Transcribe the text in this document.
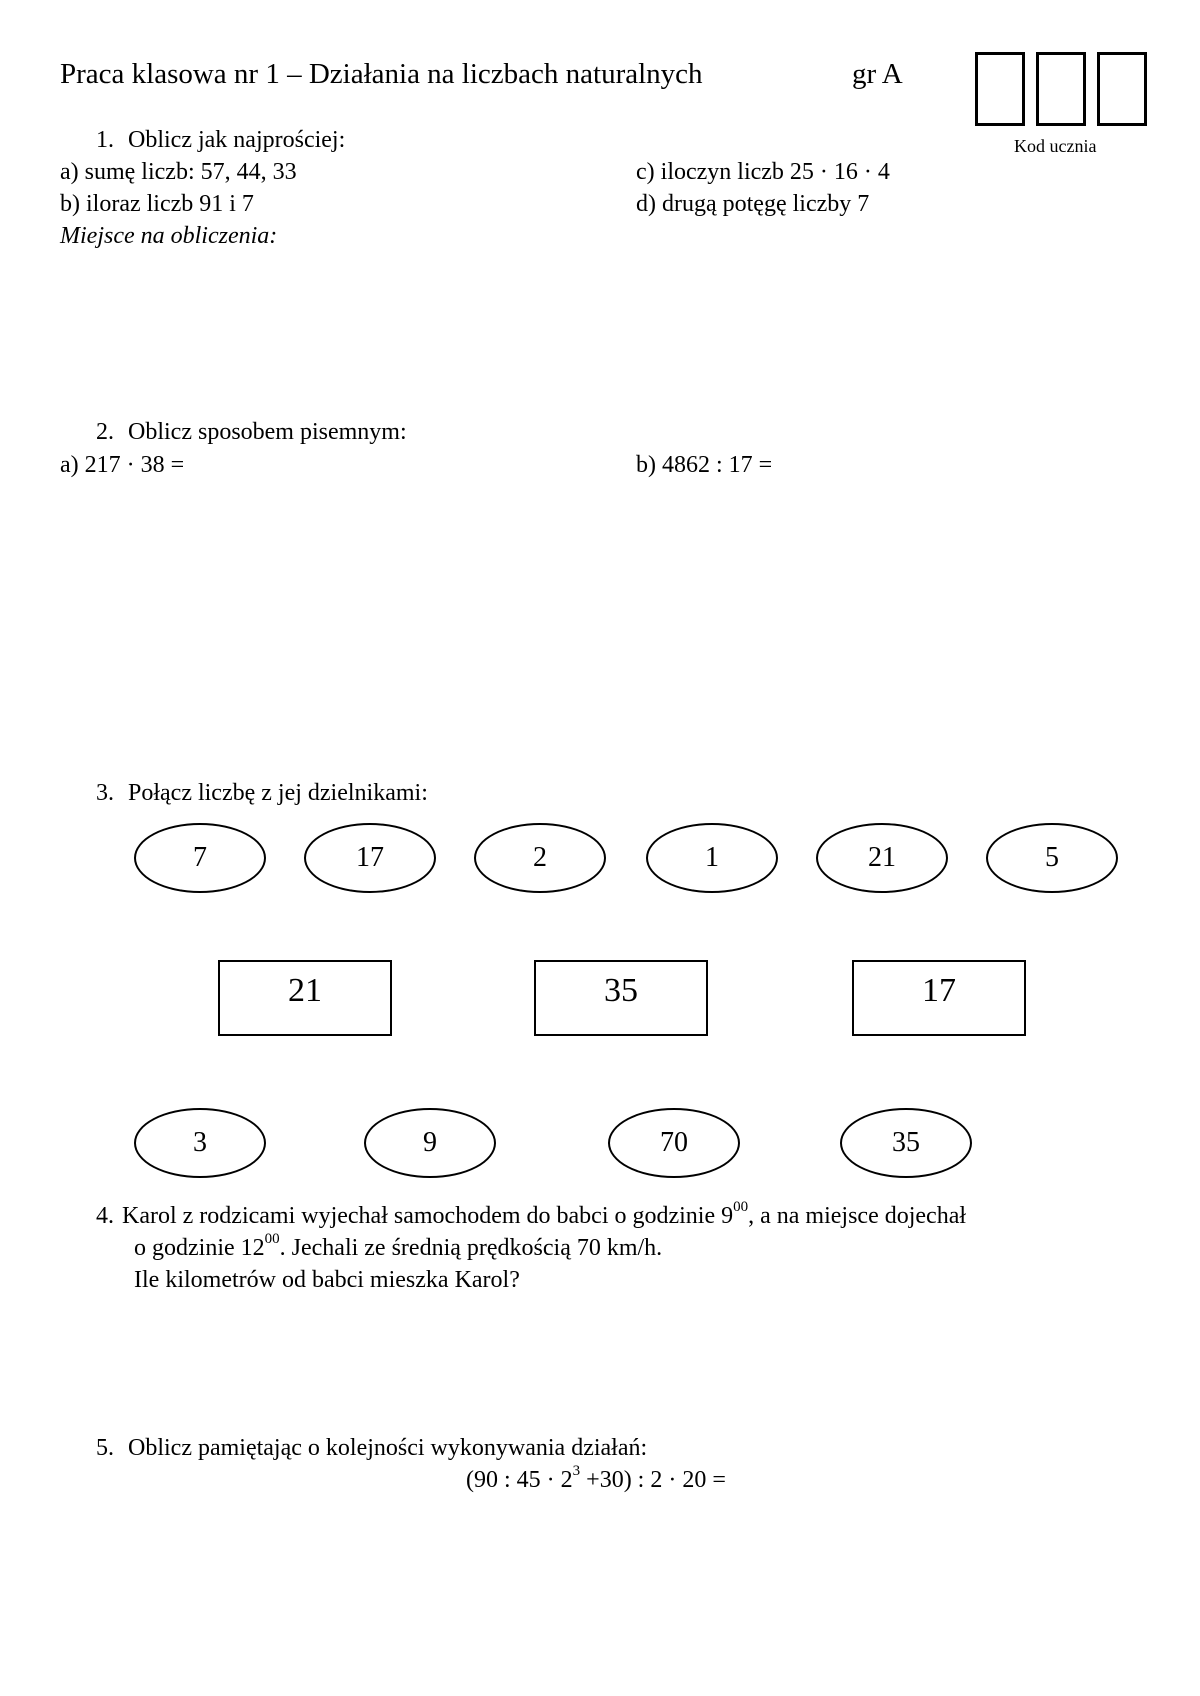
Praca klasowa nr 1 – Działania na liczbach naturalnych	gr A
Kod ucznia
1. Oblicz jak najprościej:
a) sumę liczb: 57, 44, 33
b) iloraz liczb 91 i 7
c) iloczyn liczb 25 · 16 · 4
d) drugą potęgę liczby 7
Miejsce na obliczenia:
2. Oblicz sposobem pisemnym:
a) 217 · 38 =	b) 4862 : 17 =
3. Połącz liczbę z jej dzielnikami:
7	17	2	1	21	5
21	35	17
3	9	70	35
4. Karol z rodzicami wyjechał samochodem do babci o godzinie $9^{00}$, a na miejsce dojechał
o godzinie $12^{00}$. Jechali ze średnią prędkością 70 km/h.
Ile kilometrów od babci mieszka Karol?
5. Oblicz pamiętając o kolejności wykonywania działań:
(90 : $45 \cdot 2^3 +30$) : 2 · 20 =
